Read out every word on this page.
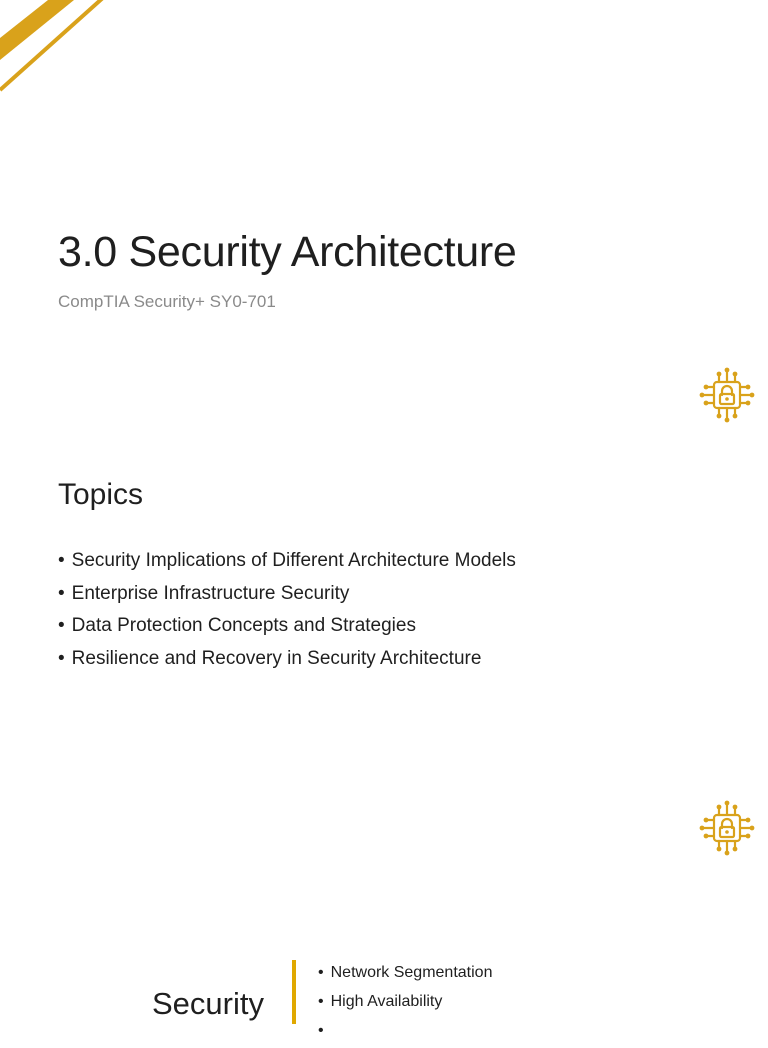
3.0 Security Architecture
CompTIA Security+ SY0-701
Topics
• Security Implications of Different Architecture Models
• Enterprise Infrastructure Security
• Data Protection Concepts and Strategies
• Resilience and Recovery in Security Architecture
Security
• Network Segmentation
• High Availability
•
